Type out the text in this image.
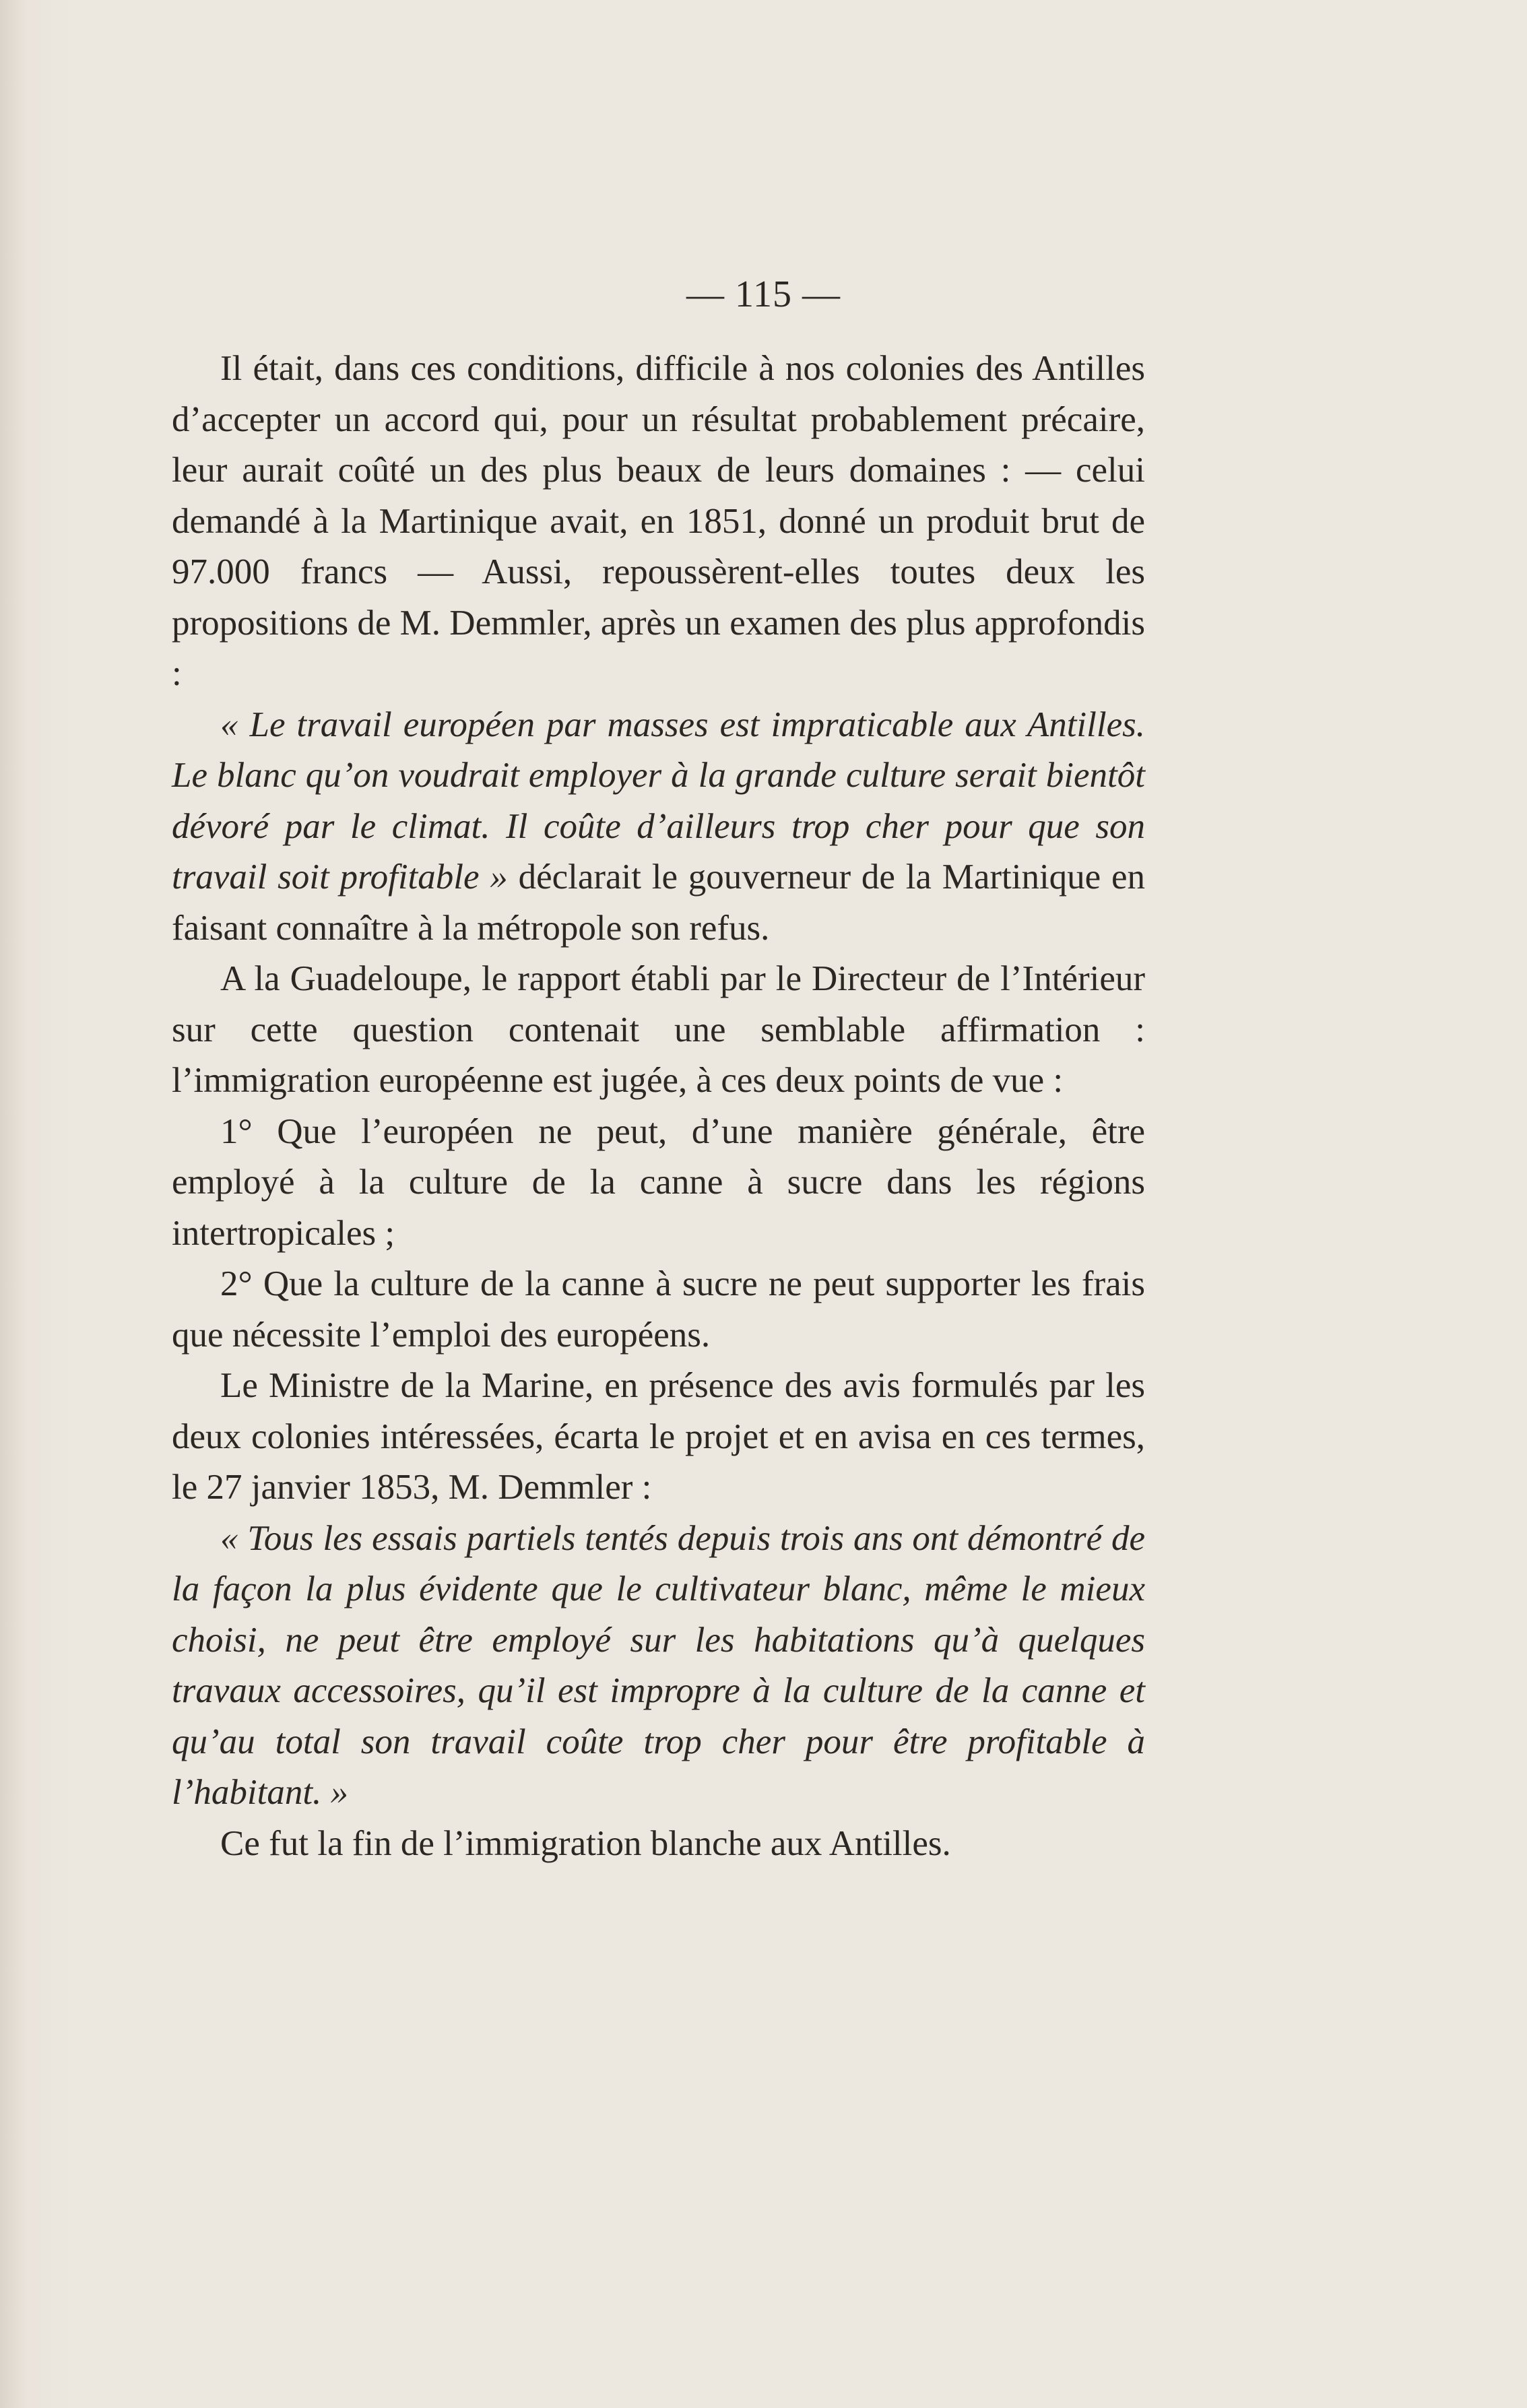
— 115 —

Il était, dans ces conditions, difficile à nos colonies des Antilles d’accepter un accord qui, pour un résultat probablement précaire, leur aurait coûté un des plus beaux de leurs domaines : — celui demandé à la Martinique avait, en 1851, donné un produit brut de 97.000 francs — Aussi, repoussèrent-elles toutes deux les propositions de M. Demmler, après un examen des plus approfondis :

« Le travail européen par masses est impraticable aux Antilles. Le blanc qu’on voudrait employer à la grande culture serait bientôt dévoré par le climat. Il coûte d’ailleurs trop cher pour que son travail soit profitable » déclarait le gouverneur de la Martinique en faisant connaître à la métropole son refus.

A la Guadeloupe, le rapport établi par le Directeur de l’Intérieur sur cette question contenait une semblable affirmation : l’immigration européenne est jugée, à ces deux points de vue :

1° Que l’européen ne peut, d’une manière générale, être employé à la culture de la canne à sucre dans les régions intertropicales ;

2° Que la culture de la canne à sucre ne peut supporter les frais que nécessite l’emploi des européens.

Le Ministre de la Marine, en présence des avis formulés par les deux colonies intéressées, écarta le projet et en avisa en ces termes, le 27 janvier 1853, M. Demmler :

« Tous les essais partiels tentés depuis trois ans ont démontré de la façon la plus évidente que le cultivateur blanc, même le mieux choisi, ne peut être employé sur les habitations qu’à quelques travaux accessoires, qu’il est impropre à la culture de la canne et qu’au total son travail coûte trop cher pour être profitable à l’habitant. »

Ce fut la fin de l’immigration blanche aux Antilles.
